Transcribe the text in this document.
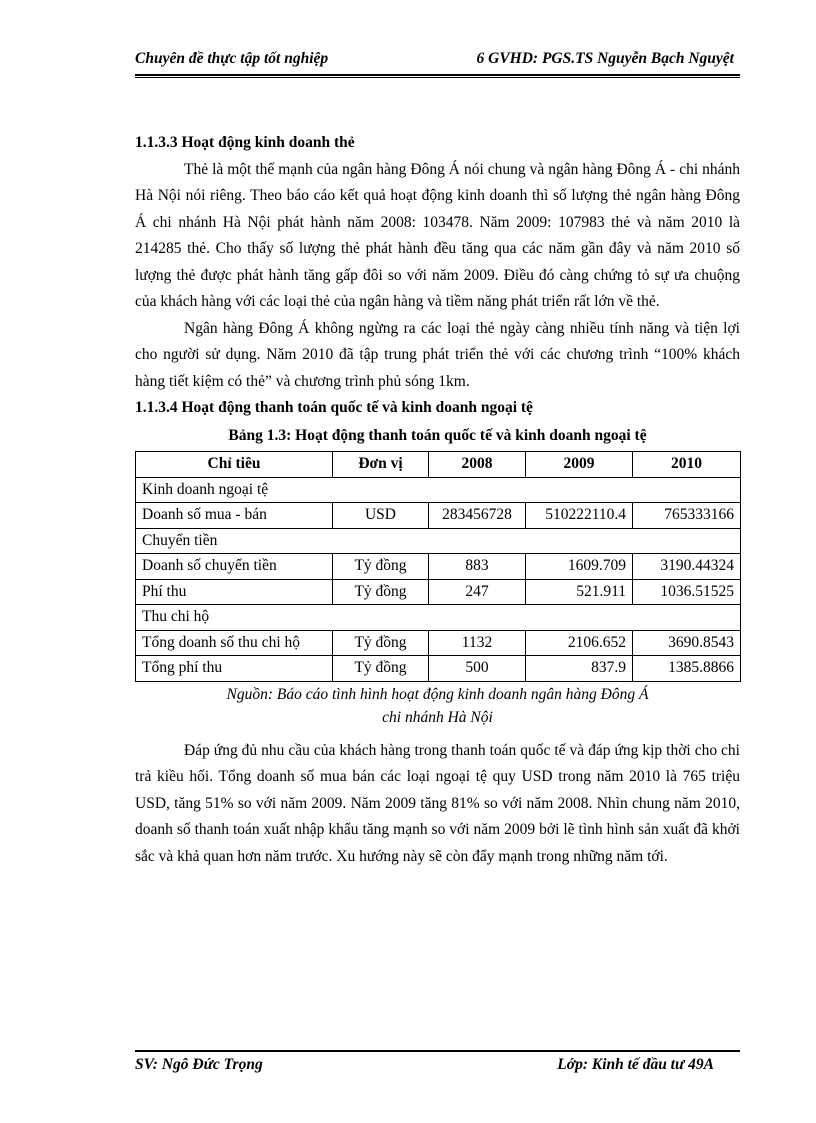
Chuyên đề thực tập tốt nghiệp	6 GVHD: PGS.TS Nguyễn Bạch Nguyệt
1.1.3.3 Hoạt động kinh doanh thẻ

Thẻ là một thế mạnh của ngân hàng Đông Á nói chung và ngân hàng Đông Á - chi nhánh Hà Nội nói riêng. Theo báo cáo kết quả hoạt động kinh doanh thì số lượng thẻ ngân hàng Đông Á chi nhánh Hà Nội phát hành năm 2008: 103478. Năm 2009: 107983 thẻ và năm 2010 là 214285 thẻ. Cho thấy số lượng thẻ phát hành đều tăng qua các năm gần đây và năm 2010 số lượng thẻ được phát hành tăng gấp đôi so với năm 2009. Điều đó càng chứng tỏ sự ưa chuộng của khách hàng với các loại thẻ của ngân hàng và tiềm năng phát triển rất lớn về thẻ.

Ngân hàng Đông Á không ngừng ra các loại thẻ ngày càng nhiều tính năng và tiện lợi cho người sử dụng. Năm 2010 đã tập trung phát triển thẻ với các chương trình “100% khách hàng tiết kiệm có thẻ” và chương trình phủ sóng 1km.

1.1.3.4 Hoạt động thanh toán quốc tế và kinh doanh ngoại tệ
Bảng 1.3: Hoạt động thanh toán quốc tế và kinh doanh ngoại tệ
Chỉ tiêu	Đơn vị	2008	2009	2010
Kinh doanh ngoại tệ				
Doanh số mua - bán	USD	283456728	510222110.4	765333166
Chuyển tiền				
Doanh số chuyển tiền	Tỷ đồng	883	1609.709	3190.44324
Phí thu	Tỷ đồng	247	521.911	1036.51525
Thu chi hộ				
Tổng doanh số thu chi hộ	Tỷ đồng	1132	2106.652	3690.8543
Tổng phí thu	Tỷ đồng	500	837.9	1385.8866
Nguồn: Báo cáo tình hình hoạt động kinh doanh ngân hàng Đông Á
chi nhánh Hà Nội

Đáp ứng đủ nhu cầu của khách hàng trong thanh toán quốc tế và đáp ứng kịp thời cho chi trả kiều hối. Tổng doanh số mua bán các loại ngoại tệ quy USD trong năm 2010 là 765 triệu USD, tăng 51% so với năm 2009. Năm 2009 tăng 81% so với năm 2008. Nhìn chung năm 2010, doanh số thanh toán xuất nhập khẩu tăng mạnh so với năm 2009 bởi lẽ tình hình sản xuất đã khởi sắc và khả quan hơn năm trước. Xu hướng này sẽ còn đẩy mạnh trong những năm tới.

SV: Ngô Đức Trọng	Lớp: Kinh tế đầu tư 49A
